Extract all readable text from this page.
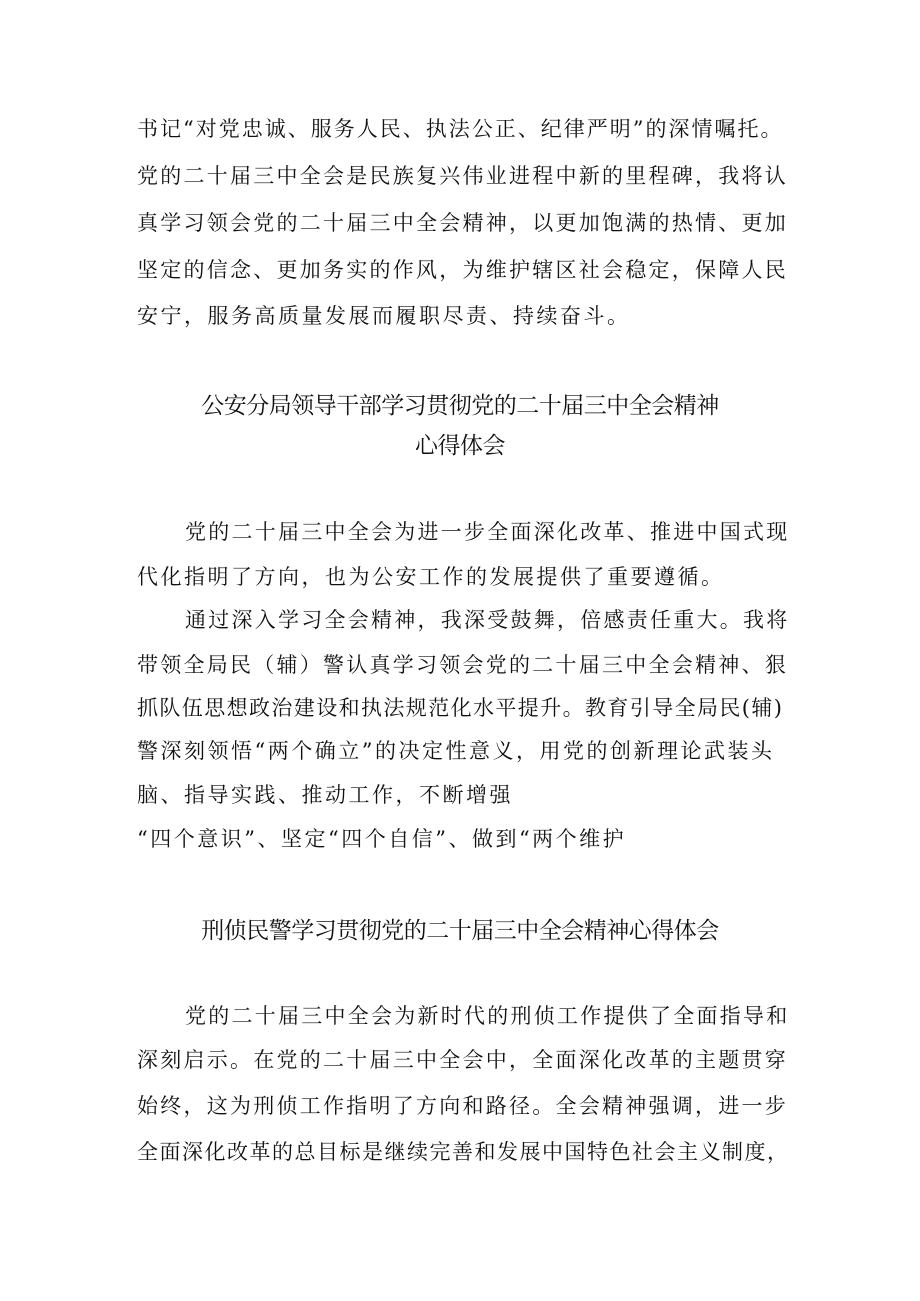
书记“对党忠诚、服务人民、执法公正、纪律严明”的深情嘱托。
党的二十届三中全会是民族复兴伟业进程中新的里程碑，我将认
真学习领会党的二十届三中全会精神，以更加饱满的热情、更加
坚定的信念、更加务实的作风，为维护辖区社会稳定，保障人民
安宁，服务高质量发展而履职尽责、持续奋斗。
公安分局领导干部学习贯彻党的二十届三中全会精神
心得体会
党的二十届三中全会为进一步全面深化改革、推进中国式现
代化指明了方向，也为公安工作的发展提供了重要遵循。
通过深入学习全会精神，我深受鼓舞，倍感责任重大。我将
带领全局民（辅）警认真学习领会党的二十届三中全会精神、狠
抓队伍思想政治建设和执法规范化水平提升。教育引导全局民(辅)
警深刻领悟“两个确立”的决定性意义，用党的创新理论武装头
脑、指导实践、推动工作，不断增强
“四个意识”、坚定“四个自信”、做到“两个维护
刑侦民警学习贯彻党的二十届三中全会精神心得体会
党的二十届三中全会为新时代的刑侦工作提供了全面指导和
深刻启示。在党的二十届三中全会中，全面深化改革的主题贯穿
始终，这为刑侦工作指明了方向和路径。全会精神强调，进一步
全面深化改革的总目标是继续完善和发展中国特色社会主义制度，
